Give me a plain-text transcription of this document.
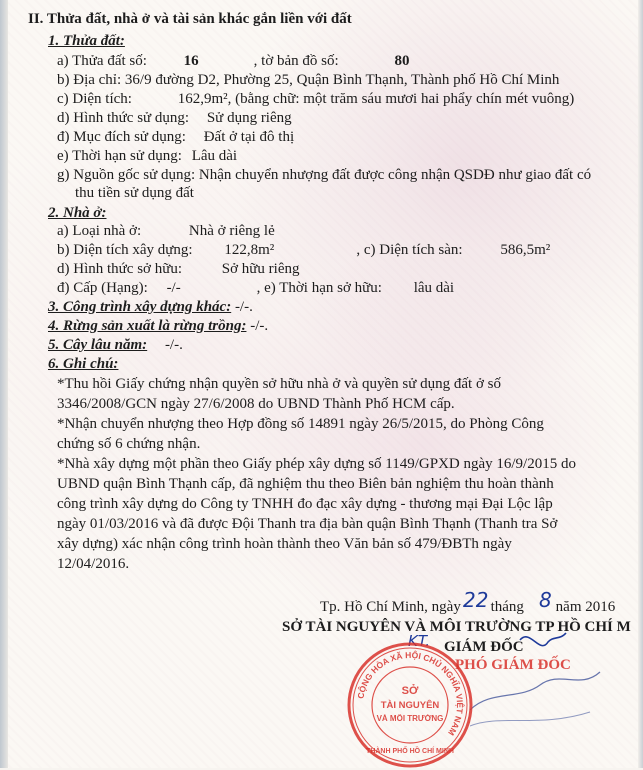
II. Thửa đất, nhà ở và tài sản khác gắn liền với đất
1. Thửa đất:
a) Thửa đất số: 16	, tờ bản đồ số:	80
b) Địa chỉ: 36/9 đường D2, Phường 25, Quận Bình Thạnh, Thành phố Hồ Chí Minh
c) Diện tích:	162,9m², (bằng chữ: một trăm sáu mươi hai phẩy chín mét vuông)
d) Hình thức sử dụng: Sử dụng riêng
đ) Mục đích sử dụng: Đất ở tại đô thị
e) Thời hạn sử dụng: Lâu dài
g) Nguồn gốc sử dụng: Nhận chuyển nhượng đất được công nhận QSDĐ như giao đất có
thu tiền sử dụng đất
2. Nhà ở:
a) Loại nhà ở:	Nhà ở riêng lẻ
b) Diện tích xây dựng: 122,8m²	, c) Diện tích sàn:	586,5m²
d) Hình thức sở hữu:	Sở hữu riêng
đ) Cấp (Hạng): -/-	, e) Thời hạn sở hữu: lâu dài
3. Công trình xây dựng khác: -/-.
4. Rừng sản xuất là rừng trồng: -/-.
5. Cây lâu năm: -/-.
6. Ghi chú:
*Thu hồi Giấy chứng nhận quyền sở hữu nhà ở và quyền sử dụng đất ở số
3346/2008/GCN ngày 27/6/2008 do UBND Thành Phố HCM cấp.
*Nhận chuyển nhượng theo Hợp đồng số 14891 ngày 26/5/2015, do Phòng Công
chứng số 6 chứng nhận.
*Nhà xây dựng một phần theo Giấy phép xây dựng số 1149/GPXD ngày 16/9/2015 do
UBND quận Bình Thạnh cấp, đã nghiệm thu theo Biên bản nghiệm thu hoàn thành
công trình xây dựng do Công ty TNHH đo đạc xây dựng - thương mại Đại Lộc lập
ngày 01/03/2016 và đã được Đội Thanh tra địa bàn quận Bình Thạnh (Thanh tra Sở
xây dựng) xác nhận công trình hoàn thành theo Văn bản số 479/ĐBTh ngày
12/04/2016.
Tp. Hồ Chí Minh, ngày tháng năm 2016
22	8
SỞ TÀI NGUYÊN VÀ MÔI TRƯỜNG TP HỒ CHÍ M
KT. GIÁM ĐỐC
PHÓ GIÁM ĐỐC
CỘNG HÒA XÃ HỘI CHỦ NGHĨA VIỆT NAM
THÀNH PHỐ HỒ CHÍ MINH
SỞ
TÀI NGUYÊN
VÀ MÔI TRƯỜNG
